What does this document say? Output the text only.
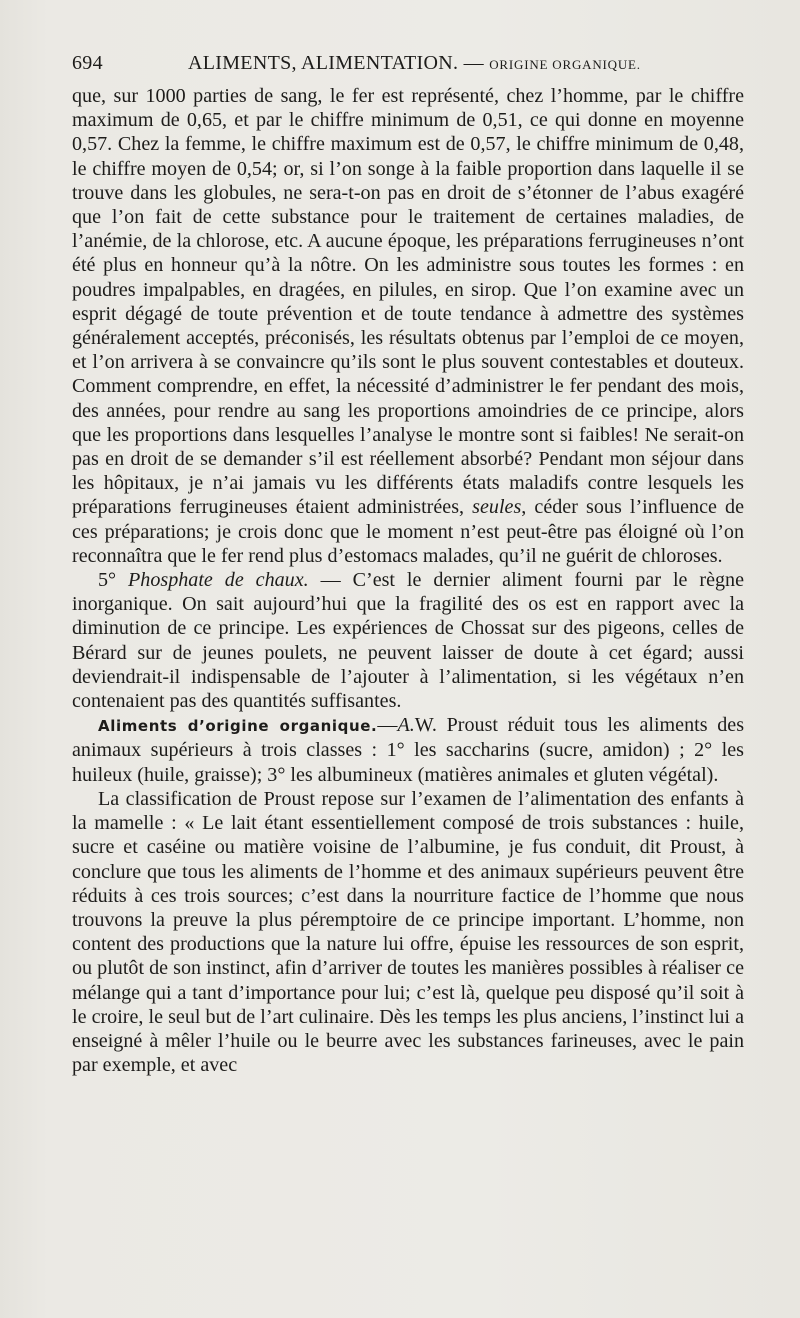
694	ALIMENTS, ALIMENTATION. — ORIGINE ORGANIQUE.

que, sur 1000 parties de sang, le fer est représenté, chez l’homme, par le chiffre maximum de 0,65, et par le chiffre minimum de 0,51, ce qui donne en moyenne 0,57. Chez la femme, le chiffre maximum est de 0,57, le chiffre minimum de 0,48, le chiffre moyen de 0,54; or, si l’on songe à la faible proportion dans laquelle il se trouve dans les globules, ne sera-t-on pas en droit de s’étonner de l’abus exagéré que l’on fait de cette substance pour le traitement de certaines maladies, de l’anémie, de la chlorose, etc. A aucune époque, les préparations ferrugineuses n’ont été plus en honneur qu’à la nôtre. On les administre sous toutes les formes : en poudres impalpables, en dragées, en pilules, en sirop. Que l’on examine avec un esprit dégagé de toute prévention et de toute tendance à admettre des systèmes généralement acceptés, préconisés, les résultats obtenus par l’emploi de ce moyen, et l’on arrivera à se convaincre qu’ils sont le plus souvent contestables et douteux. Comment comprendre, en effet, la nécessité d’administrer le fer pendant des mois, des années, pour rendre au sang les proportions amoindries de ce principe, alors que les proportions dans lesquelles l’analyse le montre sont si faibles! Ne serait-on pas en droit de se demander s’il est réellement absorbé? Pendant mon séjour dans les hôpitaux, je n’ai jamais vu les différents états maladifs contre lesquels les préparations ferrugineuses étaient administrées, seules, céder sous l’influence de ces préparations; je crois donc que le moment n’est peut-être pas éloigné où l’on reconnaîtra que le fer rend plus d’estomacs malades, qu’il ne guérit de chloroses.

5° Phosphate de chaux. — C’est le dernier aliment fourni par le règne inorganique. On sait aujourd’hui que la fragilité des os est en rapport avec la diminution de ce principe. Les expériences de Chossat sur des pigeons, celles de Bérard sur de jeunes poulets, ne peuvent laisser de doute à cet égard; aussi deviendrait-il indispensable de l’ajouter à l’alimentation, si les végétaux n’en contenaient pas des quantités suffisantes.

Aliments d’origine organique.—A.W. Proust réduit tous les aliments des animaux supérieurs à trois classes : 1° les saccharins (sucre, amidon) ; 2° les huileux (huile, graisse); 3° les albumineux (matières animales et gluten végétal).

La classification de Proust repose sur l’examen de l’alimentation des enfants à la mamelle : « Le lait étant essentiellement composé de trois substances : huile, sucre et caséine ou matière voisine de l’albumine, je fus conduit, dit Proust, à conclure que tous les aliments de l’homme et des animaux supérieurs peuvent être réduits à ces trois sources; c’est dans la nourriture factice de l’homme que nous trouvons la preuve la plus péremptoire de ce principe important. L’homme, non content des productions que la nature lui offre, épuise les ressources de son esprit, ou plutôt de son instinct, afin d’arriver de toutes les manières possibles à réaliser ce mélange qui a tant d’importance pour lui; c’est là, quelque peu disposé qu’il soit à le croire, le seul but de l’art culinaire. Dès les temps les plus anciens, l’instinct lui a enseigné à mêler l’huile ou le beurre avec les substances farineuses, avec le pain par exemple, et avec
